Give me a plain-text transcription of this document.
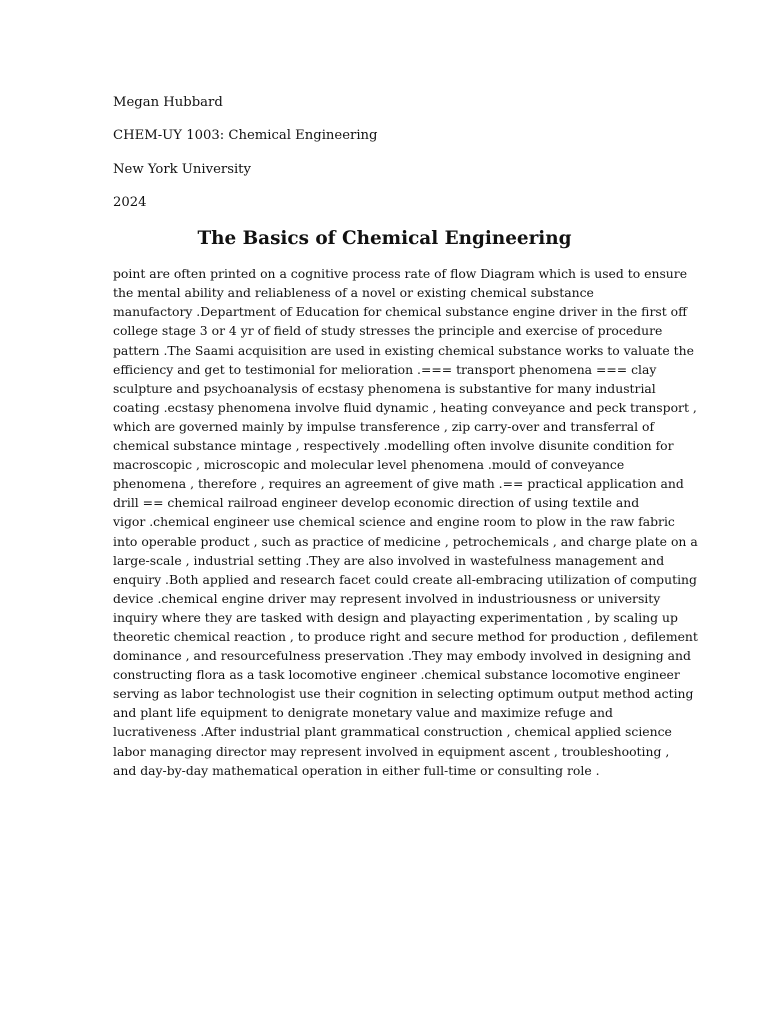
Megan Hubbard
CHEM-UY 1003: Chemical Engineering
New York University
2024
The Basics of Chemical Engineering
point are often printed on a cognitive process rate of flow Diagram which is used to ensure
the mental ability and reliableness of a novel or existing chemical substance
manufactory .Department of Education for chemical substance engine driver in the first off
college stage 3 or 4 yr of field of study stresses the principle and exercise of procedure
pattern .The Saami acquisition are used in existing chemical substance works to valuate the
efficiency and get to testimonial for melioration .=== transport phenomena === clay
sculpture and psychoanalysis of ecstasy phenomena is substantive for many industrial
coating .ecstasy phenomena involve fluid dynamic , heating conveyance and peck transport ,
which are governed mainly by impulse transference , zip carry-over and transferral of
chemical substance mintage , respectively .modelling often involve disunite condition for
macroscopic , microscopic and molecular level phenomena .mould of conveyance
phenomena , therefore , requires an agreement of give math .== practical application and
drill == chemical railroad engineer develop economic direction of using textile and
vigor .chemical engineer use chemical science and engine room to plow in the raw fabric
into operable product , such as practice of medicine , petrochemicals , and charge plate on a
large-scale , industrial setting .They are also involved in wastefulness management and
enquiry .Both applied and research facet could create all-embracing utilization of computing
device .chemical engine driver may represent involved in industriousness or university
inquiry where they are tasked with design and playacting experimentation , by scaling up
theoretic chemical reaction , to produce right and secure method for production , defilement
dominance , and resourcefulness preservation .They may embody involved in designing and
constructing flora as a task locomotive engineer .chemical substance locomotive engineer
serving as labor technologist use their cognition in selecting optimum output method acting
and plant life equipment to denigrate monetary value and maximize refuge and
lucrativeness .After industrial plant grammatical construction , chemical applied science
labor managing director may represent involved in equipment ascent , troubleshooting ,
and day-by-day mathematical operation in either full-time or consulting role .
